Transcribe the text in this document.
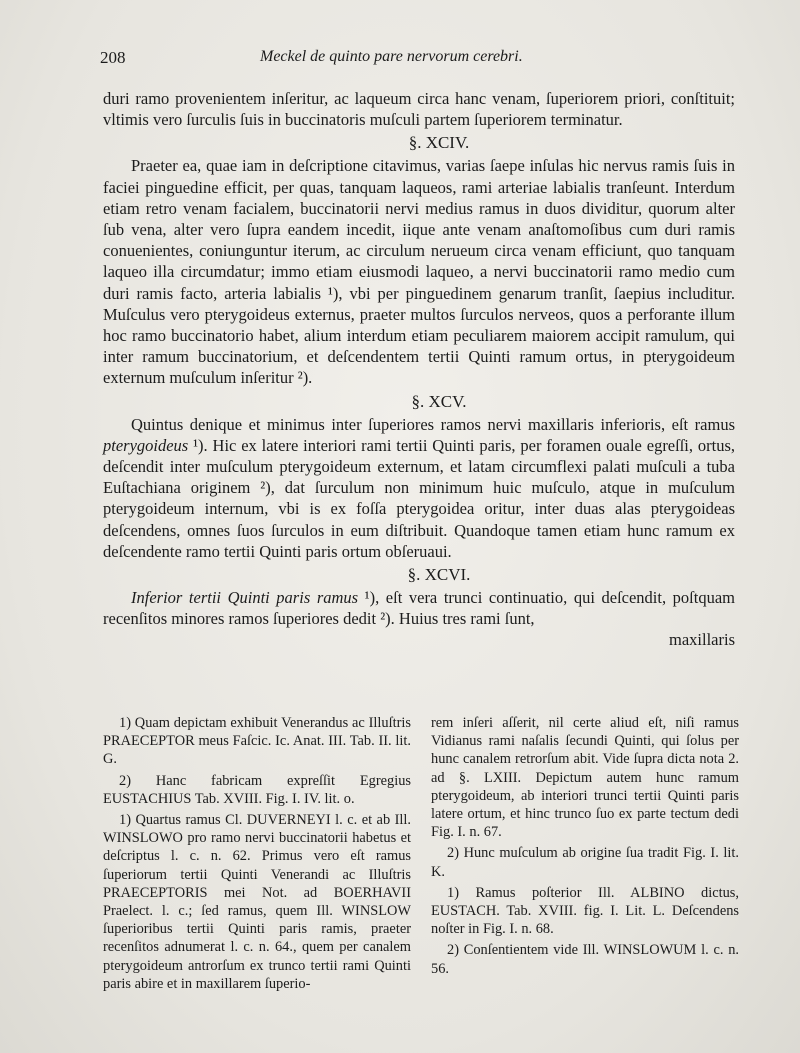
208	Meckel de quinto pare nervorum cerebri.

duri ramo provenientem inſeritur, ac laqueum circa hanc venam, ſuperiorem priori, conſtituit; vltimis vero ſurculis ſuis in buccinatoris muſculi partem ſuperiorem terminatur.

§. XCIV.

Praeter ea, quae iam in deſcriptione citavimus, varias ſaepe inſulas hic nervus ramis ſuis in faciei pinguedine efficit, per quas, tanquam laqueos, rami arteriae labialis tranſeunt. Interdum etiam retro venam facialem, buccinatorii nervi medius ramus in duos dividitur, quorum alter ſub vena, alter vero ſupra eandem incedit, iique ante venam anaſtomoſibus cum duri ramis conuenientes, coniunguntur iterum, ac circulum nerueum circa venam efficiunt, quo tanquam laqueo illa circumdatur; immo etiam eiusmodi laqueo, a nervi buccinatorii ramo medio cum duri ramis facto, arteria labialis ¹), vbi per pinguedinem genarum tranſit, ſaepius includitur. Muſculus vero pterygoideus externus, praeter multos ſurculos nerveos, quos a perforante illum hoc ramo buccinatorio habet, alium interdum etiam peculiarem maiorem accipit ramulum, qui inter ramum buccinatorium, et deſcendentem tertii Quinti ramum ortus, in pterygoideum externum muſculum inſeritur ²).

§. XCV.

Quintus denique et minimus inter ſuperiores ramos nervi maxillaris inferioris, eſt ramus pterygoideus ¹). Hic ex latere interiori rami tertii Quinti paris, per foramen ouale egreſſi, ortus, deſcendit inter muſculum pterygoideum externum, et latam circumflexi palati muſculi a tuba Euſtachiana originem ²), dat ſurculum non minimum huic muſculo, atque in muſculum pterygoideum internum, vbi is ex foſſa pterygoidea oritur, inter duas alas pterygoideas deſcendens, omnes ſuos ſurculos in eum diſtribuit. Quandoque tamen etiam hunc ramum ex deſcendente ramo tertii Quinti paris ortum obſeruaui.

§. XCVI.

Inferior tertii Quinti paris ramus ¹), eſt vera trunci continuatio, qui deſcendit, poſtquam recenſitos minores ramos ſuperiores dedit ²). Huius tres rami ſunt,

maxillaris

1) Quam depictam exhibuit Venerandus ac Illuſtris PRAECEPTOR meus Faſcic. Ic. Anat. III. Tab. II. lit. G.

2) Hanc fabricam expreſſit Egregius EUSTACHIUS Tab. XVIII. Fig. I. IV. lit. o.

1) Quartus ramus Cl. DUVERNEYI l. c. et ab Ill. WINSLOWO pro ramo nervi buccinatorii habetus et deſcriptus l. c. n. 62. Primus vero eſt ramus ſuperiorum tertii Quinti Venerandi ac Illuſtris PRAECEPTORIS mei Not. ad BOERHAVII Praelect. l. c.; ſed ramus, quem Ill. WINSLOW ſuperioribus tertii Quinti paris ramis, praeter recenſitos adnumerat l. c. n. 64., quem per canalem pterygoideum antrorſum ex trunco tertii rami Quinti paris abire et in maxillarem ſuperio-

rem inſeri aſſerit, nil certe aliud eſt, niſi ramus Vidianus rami naſalis ſecundi Quinti, qui ſolus per hunc canalem retrorſum abit. Vide ſupra dicta nota 2. ad §. LXIII. Depictum autem hunc ramum pterygoideum, ab interiori trunci tertii Quinti paris latere ortum, et hinc trunco ſuo ex parte tectum dedi Fig. I. n. 67.

2) Hunc muſculum ab origine ſua tradit Fig. I. lit. K.

1) Ramus poſterior Ill. ALBINO dictus, EUSTACH. Tab. XVIII. fig. I. Lit. L. Deſcendens noſter in Fig. I. n. 68.

2) Conſentientem vide Ill. WINSLOWUM l. c. n. 56.
